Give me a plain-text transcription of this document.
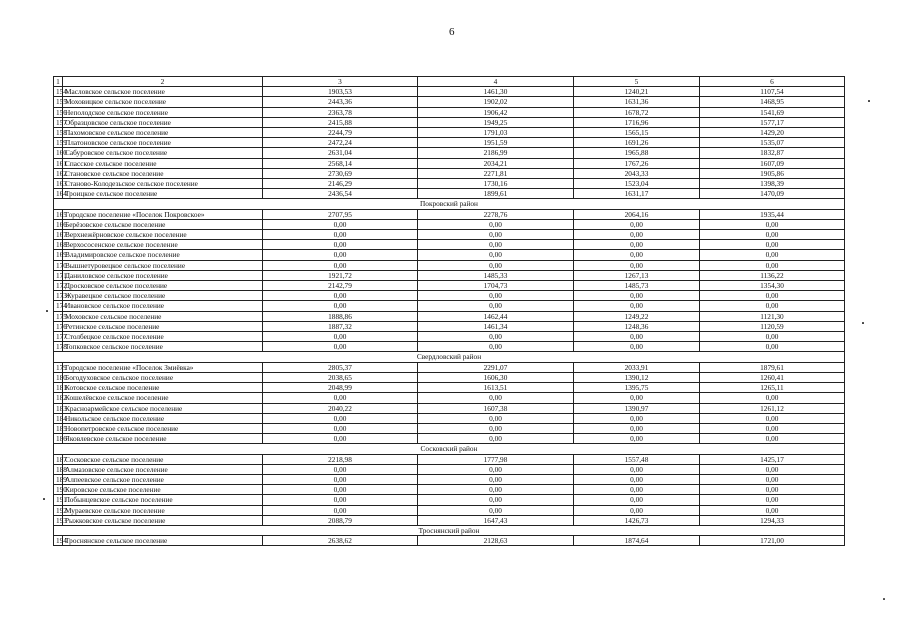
6
1	2	3	4	5	6
154	Масловское сельское поселение	1903,53	1461,30	1240,21	1107,54
155	Моховицкое сельское поселение	2443,36	1902,02	1631,36	1468,95
156	Неполодское сельское поселение	2363,78	1906,42	1678,72	1541,69
157	Образцовское сельское поселение	2415,88	1949,25	1716,96	1577,17
158	Пахомовское сельское поселение	2244,79	1791,03	1565,15	1429,20
159	Платоновское сельское поселение	2472,24	1951,59	1691,26	1535,07
160	Сабуровское сельское поселение	2631,04	2186,99	1965,88	1832,87
161	Спасское сельское поселение	2568,14	2034,21	1767,26	1607,09
162	Становское сельское поселение	2730,69	2271,81	2043,33	1905,86
163	Станово-Колодезьское сельское поселение	2146,29	1730,16	1523,04	1398,39
164	Троицкое сельское поселение	2436,54	1899,61	1631,17	1470,09
Покровский район					
165	Городское поселение «Поселок Покровское»	2707,95	2278,76	2064,16	1935,44
166	Берёзовское сельское поселение	0,00	0,00	0,00	0,00
167	Верхнежёрновское сельское поселение	0,00	0,00	0,00	0,00
168	Верхососенское сельское поселение	0,00	0,00	0,00	0,00
169	Владимировское сельское поселение	0,00	0,00	0,00	0,00
170	Вышнетуровецкое сельское поселение	0,00	0,00	0,00	0,00
171	Даниловское сельское поселение	1921,72	1485,33	1267,13	1136,22
172	Дросковское сельское поселение	2142,79	1704,73	1485,73	1354,30
173	Журавецкое сельское поселение	0,00	0,00	0,00	0,00
174	Ивановское сельское поселение	0,00	0,00	0,00	0,00
175	Моховское сельское поселение	1888,86	1462,44	1249,22	1121,30
176	Ретинское сельское поселение	1887,32	1461,34	1248,36	1120,59
177	Столбецкое сельское поселение	0,00	0,00	0,00	0,00
178	Топковское сельское поселение	0,00	0,00	0,00	0,00
Свердловский район					
179	Городское поселение «Поселок Змиёвка»	2805,37	2291,07	2033,91	1879,61
180	Богодуховское сельское поселение	2038,65	1606,30	1390,12	1260,41
181	Котовское сельское поселение	2048,99	1613,51	1395,75	1265,11
182	Кошелёвское сельское поселение	0,00	0,00	0,00	0,00
183	Красноармейское сельское поселение	2040,22	1607,38	1390,97	1261,12
184	Никольское сельское поселение	0,00	0,00	0,00	0,00
185	Новопетровское сельское поселение	0,00	0,00	0,00	0,00
186	Яковлевское сельское поселение	0,00	0,00	0,00	0,00
Сосковский район					
187	Сосковское сельское поселение	2218,98	1777,98	1557,48	1425,17
188	Алмазовское сельское поселение	0,00	0,00	0,00	0,00
189	Алпеевское сельское поселение	0,00	0,00	0,00	0,00
190	Кировское сельское поселение	0,00	0,00	0,00	0,00
191	Лобынцевское сельское поселение	0,00	0,00	0,00	0,00
192	Мураевское сельское поселение	0,00	0,00	0,00	0,00
193	Рыжковское сельское поселение	2088,79	1647,43	1426,73	1294,33
Троснянский район					
194	Троснянское сельское поселение	2638,62	2128,63	1874,64	1721,00
